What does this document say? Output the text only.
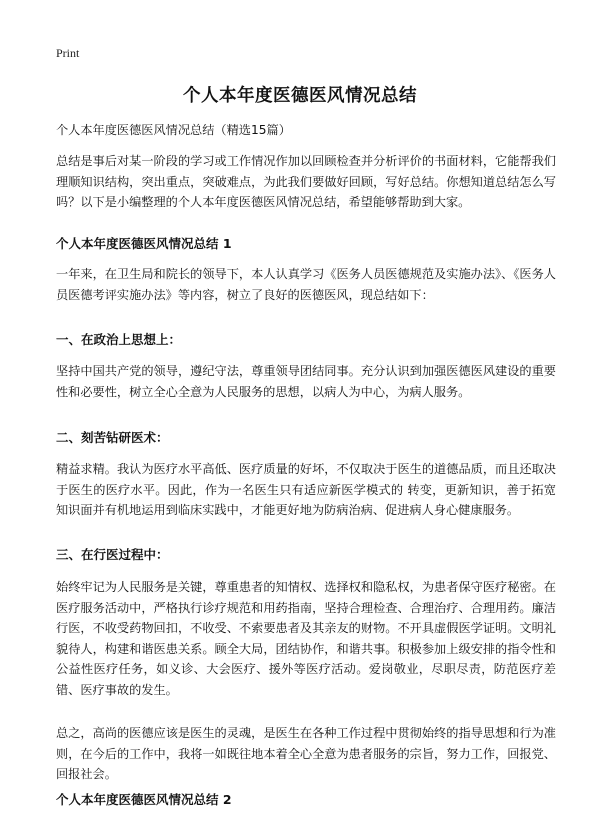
Print
个人本年度医德医风情况总结

个人本年度医德医风情况总结（精选15篇）

总结是事后对某一阶段的学习或工作情况作加以回顾检查并分析评价的书面材料，它能帮我们理顺知识结构，突出重点，突破难点，为此我们要做好回顾，写好总结。你想知道总结怎么写吗？以下是小编整理的个人本年度医德医风情况总结，希望能够帮助到大家。

个人本年度医德医风情况总结 1

一年来，在卫生局和院长的领导下，本人认真学习《医务人员医德规范及实施办法》、《医务人员医德考评实施办法》等内容，树立了良好的医德医风，现总结如下：

一、在政治上思想上：

坚持中国共产党的领导，遵纪守法，尊重领导团结同事。充分认识到加强医德医风建设的重要性和必要性，树立全心全意为人民服务的思想，以病人为中心，为病人服务。

二、刻苦钻研医术：

精益求精。我认为医疗水平高低、医疗质量的好坏，不仅取决于医生的道德品质，而且还取决于医生的医疗水平。因此，作为一名医生只有适应新医学模式的 转变，更新知识，善于拓宽知识面并有机地运用到临床实践中，才能更好地为防病治病、促进病人身心健康服务。

三、在行医过程中：

始终牢记为人民服务是关键，尊重患者的知情权、选择权和隐私权，为患者保守医疗秘密。在医疗服务活动中，严格执行诊疗规范和用药指南，坚持合理检查、合理治疗、合理用药。廉洁行医，不收受药物回扣，不收受、不索要患者及其亲友的财物。不开具虚假医学证明。文明礼貌待人，构建和谐医患关系。顾全大局，团结协作，和谐共事。积极参加上级安排的指令性和公益性医疗任务，如义诊、大会医疗、援外等医疗活动。爱岗敬业，尽职尽责，防范医疗差错、医疗事故的发生。

总之，高尚的医德应该是医生的灵魂，是医生在各种工作过程中贯彻始终的指导思想和行为准则，在今后的工作中，我将一如既往地本着全心全意为患者服务的宗旨，努力工作，回报党、回报社会。

个人本年度医德医风情况总结 2
